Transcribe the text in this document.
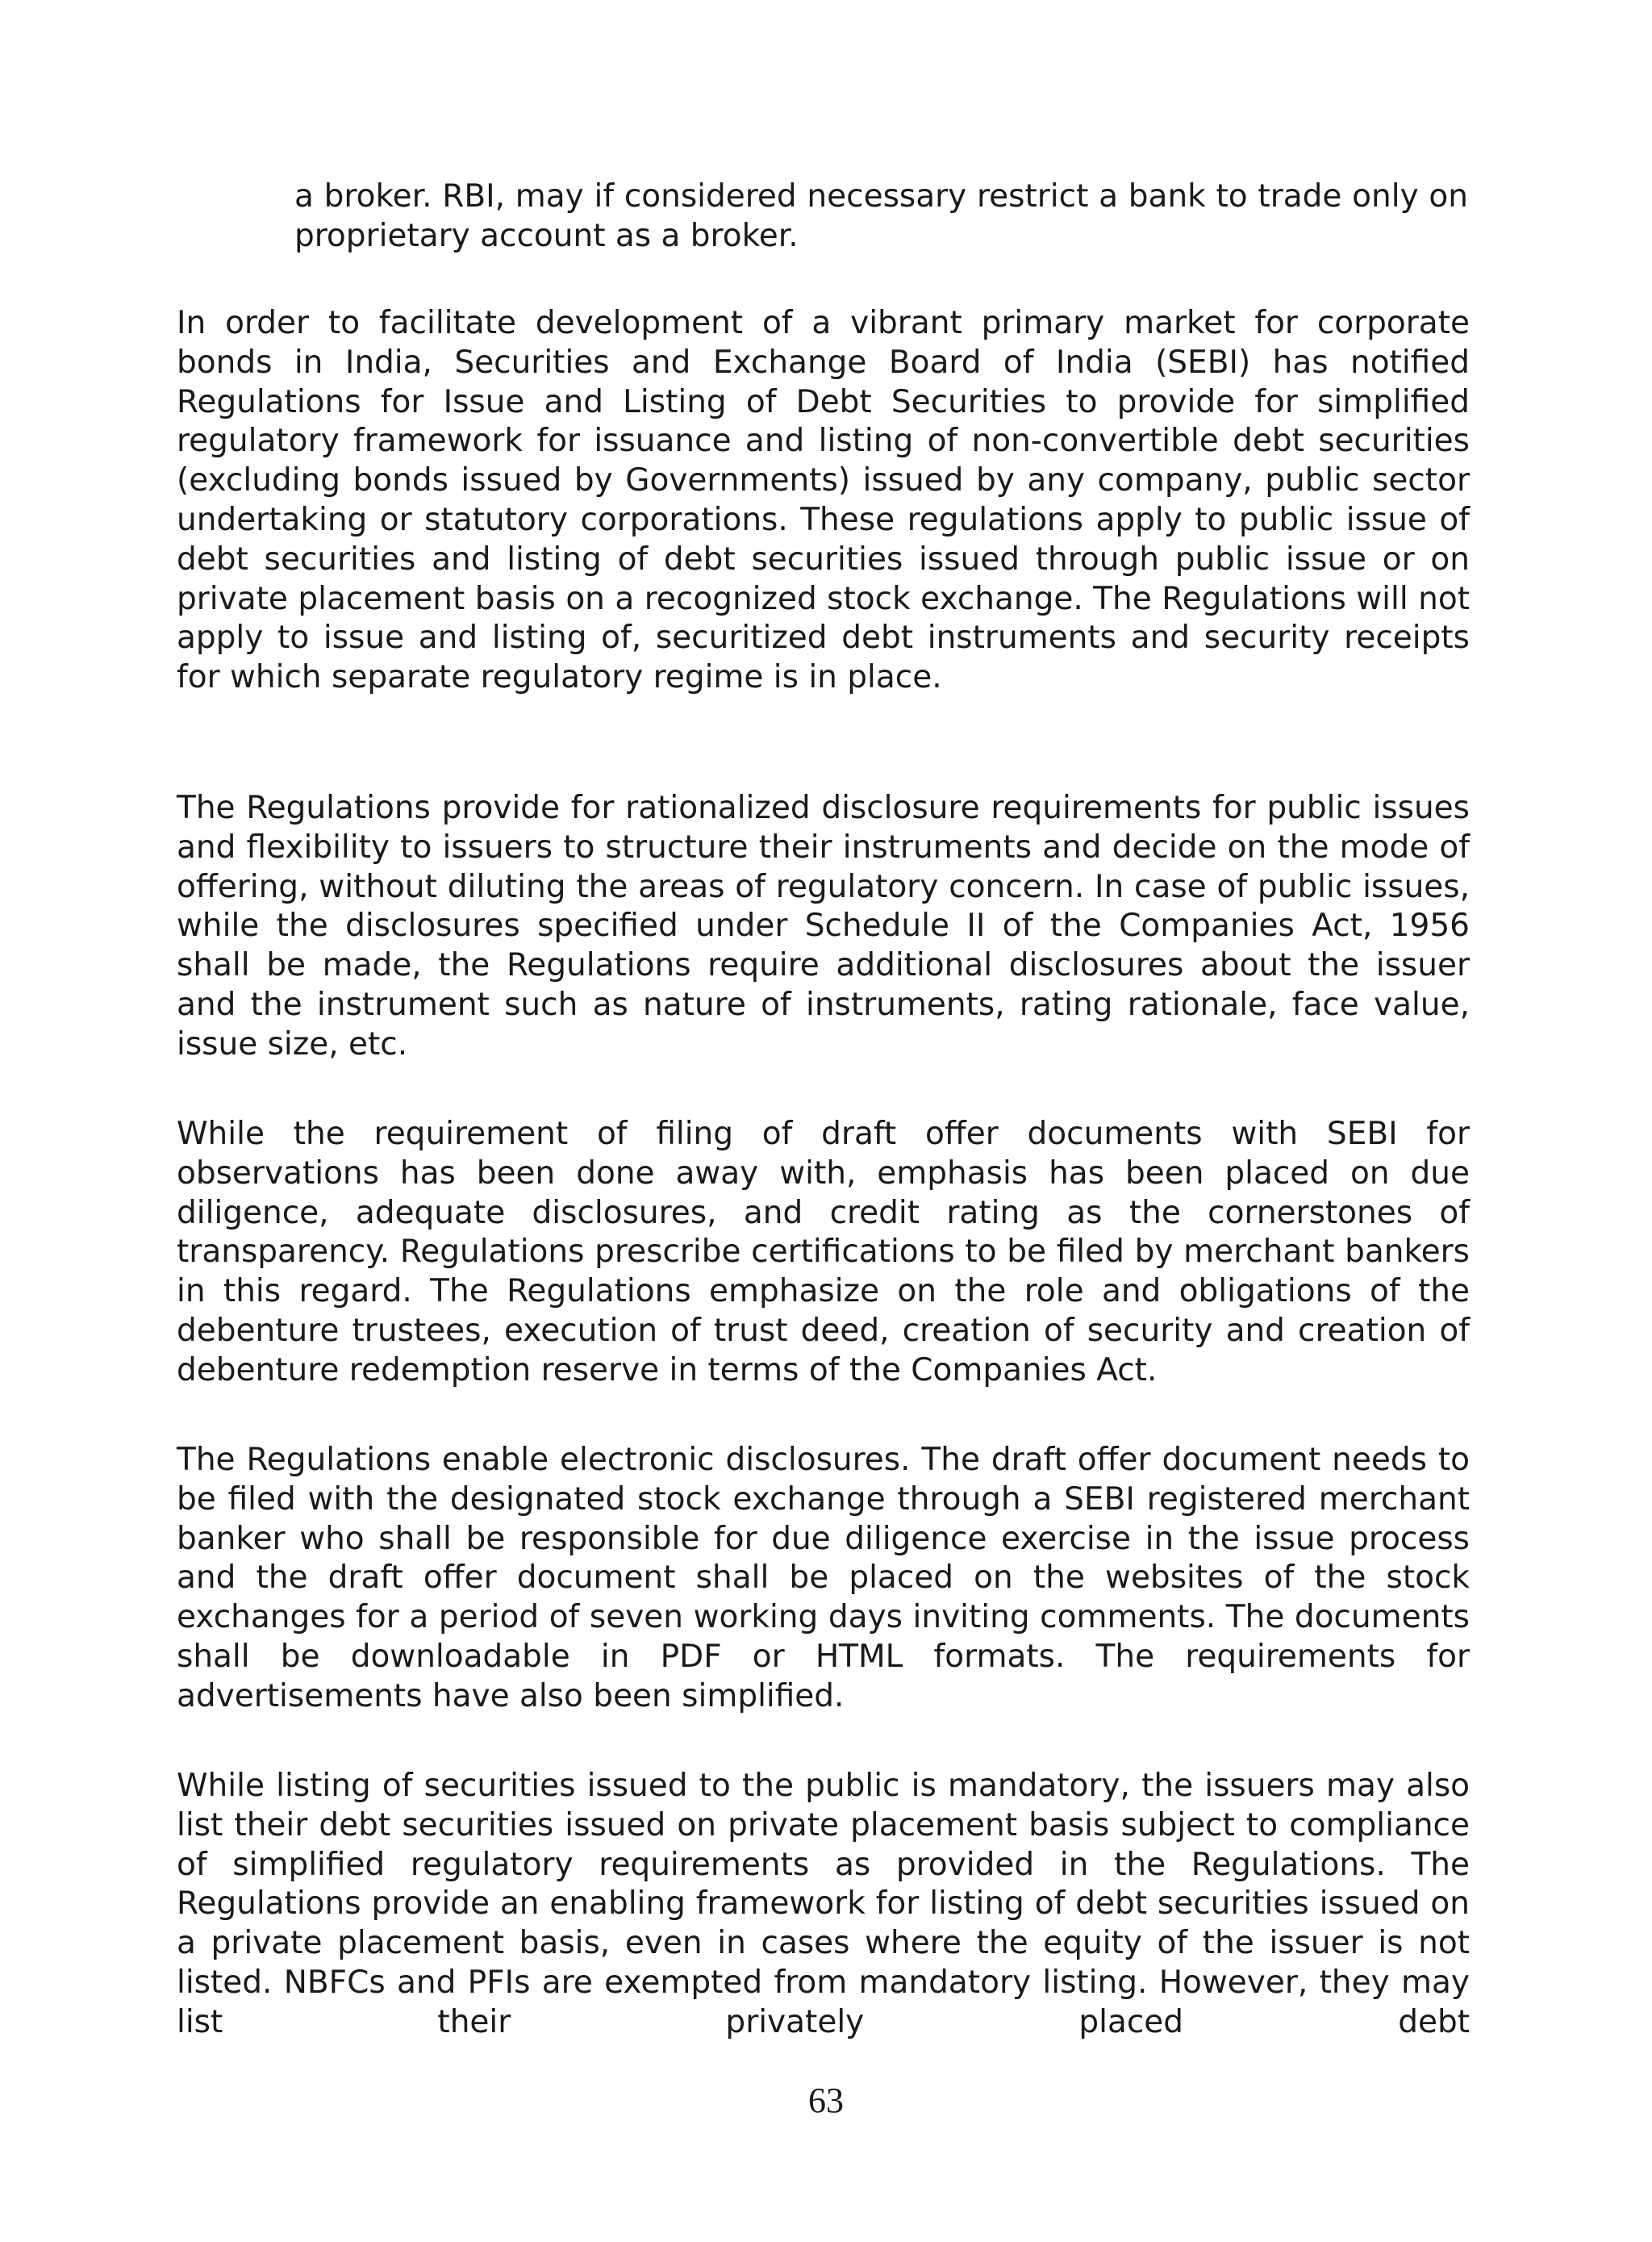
a broker. RBI, may if considered necessary restrict a bank to trade only on proprietary account as a broker.

In order to facilitate development of a vibrant primary market for corporate bonds in India, Securities and Exchange Board of India (SEBI) has notified Regulations for Issue and Listing of Debt Securities to provide for simplified regulatory framework for issuance and listing of non-convertible debt securities (excluding bonds issued by Governments) issued by any company, public sector undertaking or statutory corporations. These regulations apply to public issue of debt securities and listing of debt securities issued through public issue or on private placement basis on a recognized stock exchange. The Regulations will not apply to issue and listing of, securitized debt instruments and security receipts for which separate regulatory regime is in place.

The Regulations provide for rationalized disclosure requirements for public issues and flexibility to issuers to structure their instruments and decide on the mode of offering, without diluting the areas of regulatory concern. In case of public issues, while the disclosures specified under Schedule II of the Companies Act, 1956 shall be made, the Regulations require additional disclosures about the issuer and the instrument such as nature of instruments, rating rationale, face value, issue size, etc.

While the requirement of filing of draft offer documents with SEBI for observations has been done away with, emphasis has been placed on due diligence, adequate disclosures, and credit rating as the cornerstones of transparency. Regulations prescribe certifications to be filed by merchant bankers in this regard. The Regulations emphasize on the role and obligations of the debenture trustees, execution of trust deed, creation of security and creation of debenture redemption reserve in terms of the Companies Act.

The Regulations enable electronic disclosures. The draft offer document needs to be filed with the designated stock exchange through a SEBI registered merchant banker who shall be responsible for due diligence exercise in the issue process and the draft offer document shall be placed on the websites of the stock exchanges for a period of seven working days inviting comments. The documents shall be downloadable in PDF or HTML formats. The requirements for advertisements have also been simplified.

While listing of securities issued to the public is mandatory, the issuers may also list their debt securities issued on private placement basis subject to compliance of simplified regulatory requirements as provided in the Regulations. The Regulations provide an enabling framework for listing of debt securities issued on a private placement basis, even in cases where the equity of the issuer is not listed. NBFCs and PFIs are exempted from mandatory listing. However, they may list their privately placed debt

63
